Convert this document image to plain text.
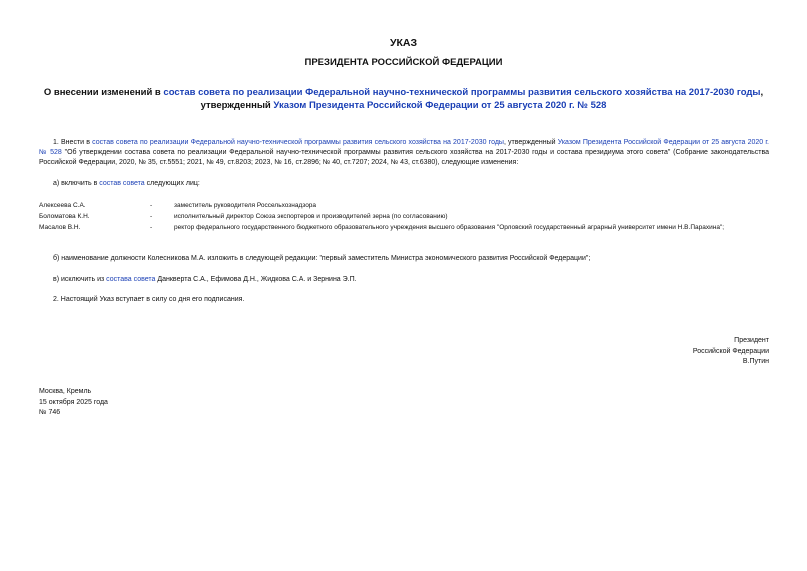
УКАЗ
ПРЕЗИДЕНТА РОССИЙСКОЙ ФЕДЕРАЦИИ
О внесении изменений в состав совета по реализации Федеральной научно-технической программы развития сельского хозяйства на 2017-2030 годы,
утвержденный Указом Президента Российской Федерации от 25 августа 2020 г. № 528
1. Внести в состав совета по реализации Федеральной научно-технической программы развития сельского хозяйства на 2017-2030 годы, утвержденный Указом Президента Российской Федерации от 25 августа 2020 г. № 528 "Об утверждении состава совета по реализации Федеральной научно-технической программы развития сельского хозяйства на 2017-2030 годы и состава президиума этого совета" (Собрание законодательства Российской Федерации, 2020, № 35, ст.5551; 2021, № 49, ст.8203; 2023, № 16, ст.2896; № 40, ст.7207; 2024, № 43, ст.6380), следующие изменения:
а) включить в состав совета следующих лиц:
Алексеева С.А.	-	заместитель руководителя Россельхознадзора
Боломатова К.Н.	-	исполнительный директор Союза экспортеров и производителей зерна (по согласованию)
Масалов В.Н.	-	ректор федерального государственного бюджетного образовательного учреждения высшего образования "Орловский государственный аграрный университет имени Н.В.Парахина";
б) наименование должности Колесникова М.А. изложить в следующей редакции: "первый заместитель Министра экономического развития Российской Федерации";
в) исключить из состава совета Данкверта С.А., Ефимова Д.Н., Жидкова С.А. и Зернина Э.П.
2. Настоящий Указ вступает в силу со дня его подписания.
Президент
Российской Федерации
В.Путин
Москва, Кремль
15 октября 2025 года
№ 746
